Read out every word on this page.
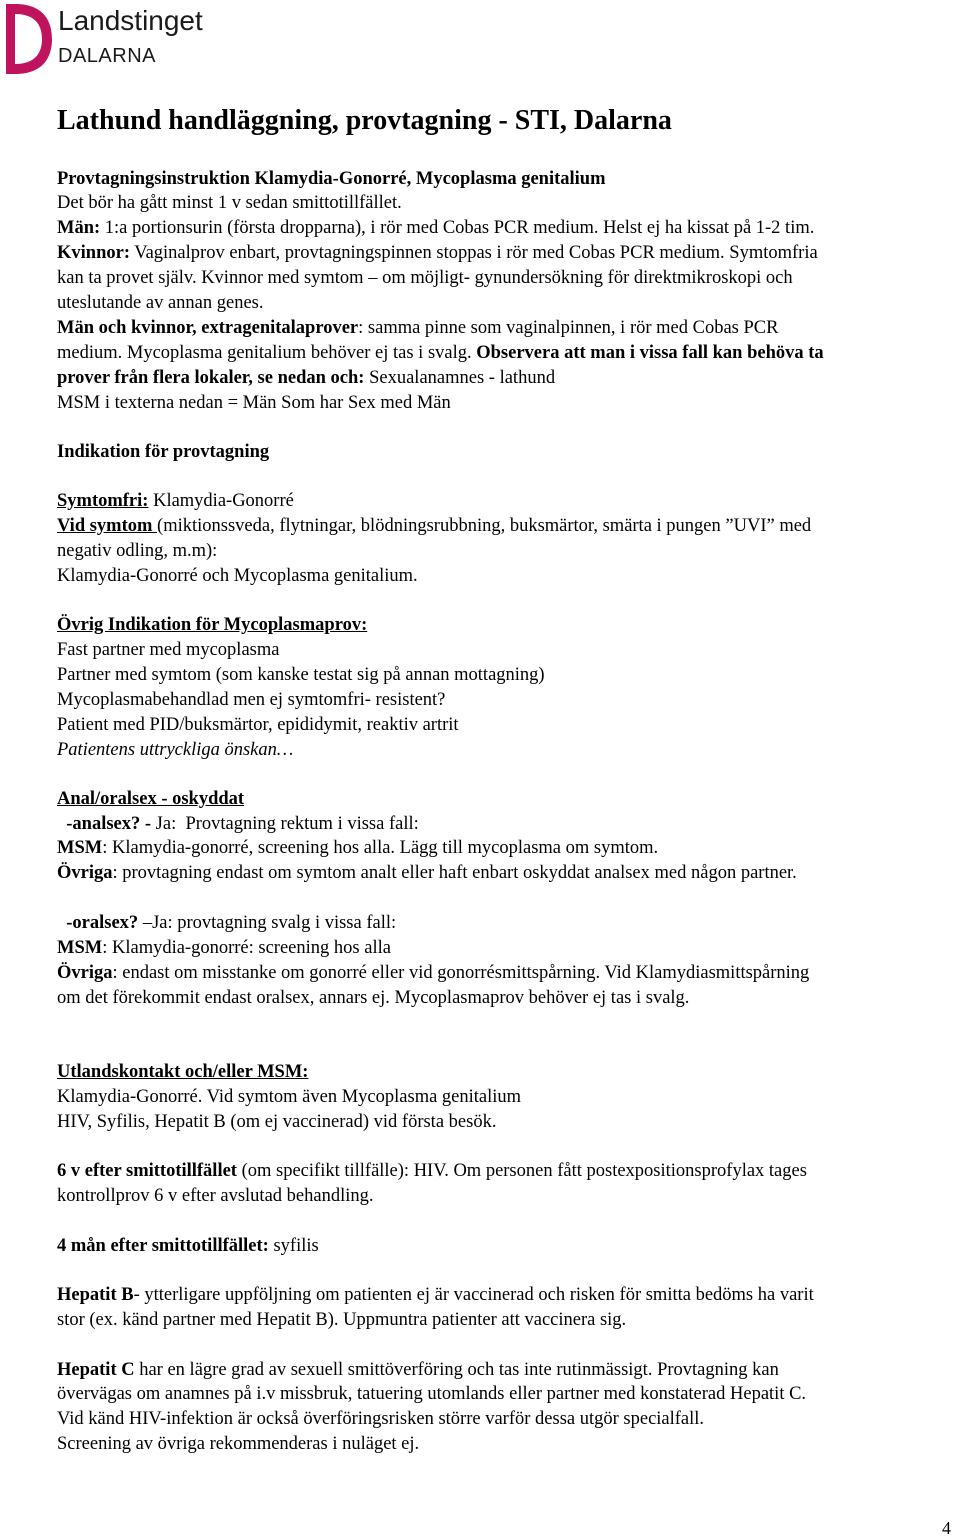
Landstinget
DALARNA
Lathund handläggning, provtagning - STI, Dalarna
Provtagningsinstruktion Klamydia-Gonorré, Mycoplasma genitalium
Det bör ha gått minst 1 v sedan smittotillfället.
Män: 1:a portionsurin (första dropparna), i rör med Cobas PCR medium. Helst ej ha kissat på 1-2 tim.
Kvinnor: Vaginalprov enbart, provtagningspinnen stoppas i rör med Cobas PCR medium. Symtomfria
kan ta provet själv. Kvinnor med symtom – om möjligt- gynundersökning för direktmikroskopi och
uteslutande av annan genes.
Män och kvinnor, extragenitalaprover: samma pinne som vaginalpinnen, i rör med Cobas PCR
medium. Mycoplasma genitalium behöver ej tas i svalg. Observera att man i vissa fall kan behöva ta
prover från flera lokaler, se nedan och: Sexualanamnes - lathund
MSM i texterna nedan = Män Som har Sex med Män
Indikation för provtagning
Symtomfri: Klamydia-Gonorré
Vid symtom (miktionssveda, flytningar, blödningsrubbning, buksmärtor, smärta i pungen ”UVI” med
negativ odling, m.m):
Klamydia-Gonorré och Mycoplasma genitalium.
Övrig Indikation för Mycoplasmaprov:
Fast partner med mycoplasma
Partner med symtom (som kanske testat sig på annan mottagning)
Mycoplasmabehandlad men ej symtomfri- resistent?
Patient med PID/buksmärtor, epididymit, reaktiv artrit
Patientens uttryckliga önskan…
Anal/oralsex - oskyddat
-analsex? - Ja:  Provtagning rektum i vissa fall:
MSM: Klamydia-gonorré, screening hos alla. Lägg till mycoplasma om symtom.
Övriga: provtagning endast om symtom analt eller haft enbart oskyddat analsex med någon partner.
-oralsex? –Ja: provtagning svalg i vissa fall:
MSM: Klamydia-gonorré: screening hos alla
Övriga: endast om misstanke om gonorré eller vid gonorrésmittspårning. Vid Klamydiasmittspårning
om det förekommit endast oralsex, annars ej. Mycoplasmaprov behöver ej tas i svalg.
Utlandskontakt och/eller MSM:
Klamydia-Gonorré. Vid symtom även Mycoplasma genitalium
HIV, Syfilis, Hepatit B (om ej vaccinerad) vid första besök.
6 v efter smittotillfället (om specifikt tillfälle): HIV. Om personen fått postexpositionsprofylax tages
kontrollprov 6 v efter avslutad behandling.
4 mån efter smittotillfället: syfilis
Hepatit B- ytterligare uppföljning om patienten ej är vaccinerad och risken för smitta bedöms ha varit
stor (ex. känd partner med Hepatit B). Uppmuntra patienter att vaccinera sig.
Hepatit C har en lägre grad av sexuell smittöverföring och tas inte rutinmässigt. Provtagning kan
övervägas om anamnes på i.v missbruk, tatuering utomlands eller partner med konstaterad Hepatit C.
Vid känd HIV-infektion är också överföringsrisken större varför dessa utgör specialfall.
Screening av övriga rekommenderas i nuläget ej.
4
